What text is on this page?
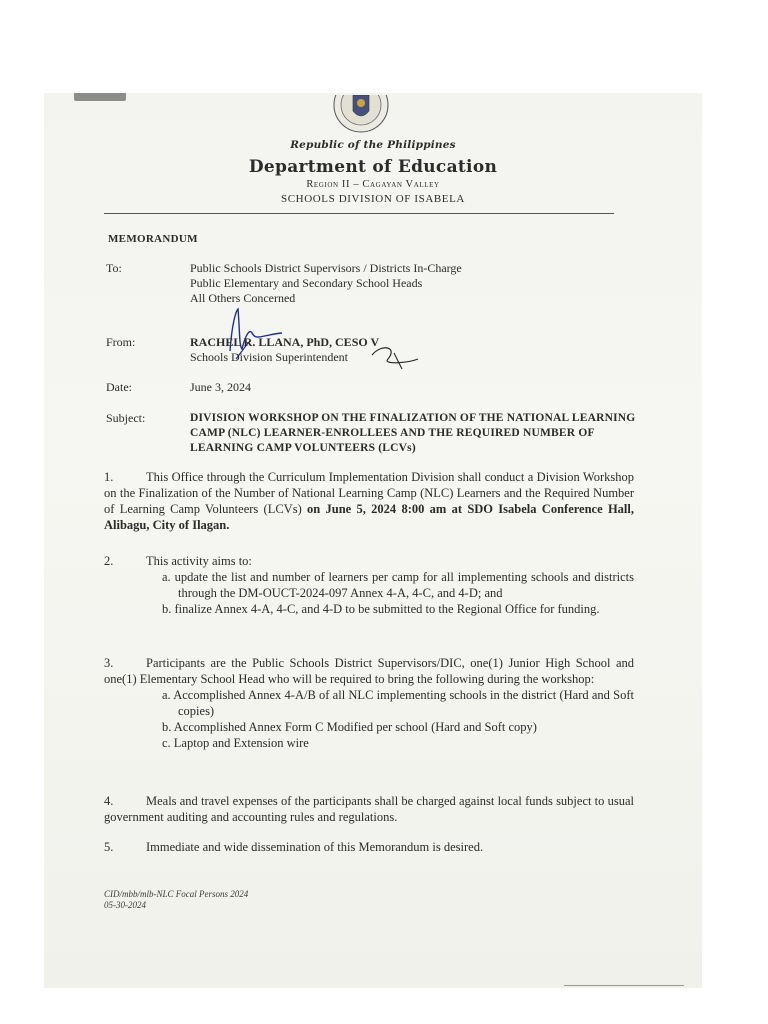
Republic of the Philippines
Department of Education
Region II – Cagayan Valley
SCHOOLS DIVISION OF ISABELA
MEMORANDUM
To:	Public Schools District Supervisors / Districts In-Charge
Public Elementary and Secondary School Heads
All Others Concerned
From:	RACHEL R. LLANA, PhD, CESO V
Schools Division Superintendent
Date:	June 3, 2024
Subject:	DIVISION WORKSHOP ON THE FINALIZATION OF THE NATIONAL LEARNING CAMP (NLC) LEARNER-ENROLLEES AND THE REQUIRED NUMBER OF LEARNING CAMP VOLUNTEERS (LCVs)
1.	This Office through the Curriculum Implementation Division shall conduct a Division Workshop on the Finalization of the Number of National Learning Camp (NLC) Learners and the Required Number of Learning Camp Volunteers (LCVs) on June 5, 2024 8:00 am at SDO Isabela Conference Hall, Alibagu, City of Ilagan.
2.	This activity aims to:
a. update the list and number of learners per camp for all implementing schools and districts through the DM-OUCT-2024-097 Annex 4-A, 4-C, and 4-D; and
b. finalize Annex 4-A, 4-C, and 4-D to be submitted to the Regional Office for funding.
3.	Participants are the Public Schools District Supervisors/DIC, one(1) Junior High School and one(1) Elementary School Head who will be required to bring the following during the workshop:
a. Accomplished Annex 4-A/B of all NLC implementing schools in the district (Hard and Soft copies)
b. Accomplished Annex Form C Modified per school (Hard and Soft copy)
c. Laptop and Extension wire
4.	Meals and travel expenses of the participants shall be charged against local funds subject to usual government auditing and accounting rules and regulations.
5.	Immediate and wide dissemination of this Memorandum is desired.
CID/mbb/mlb-NLC Focal Persons 2024
05-30-2024
